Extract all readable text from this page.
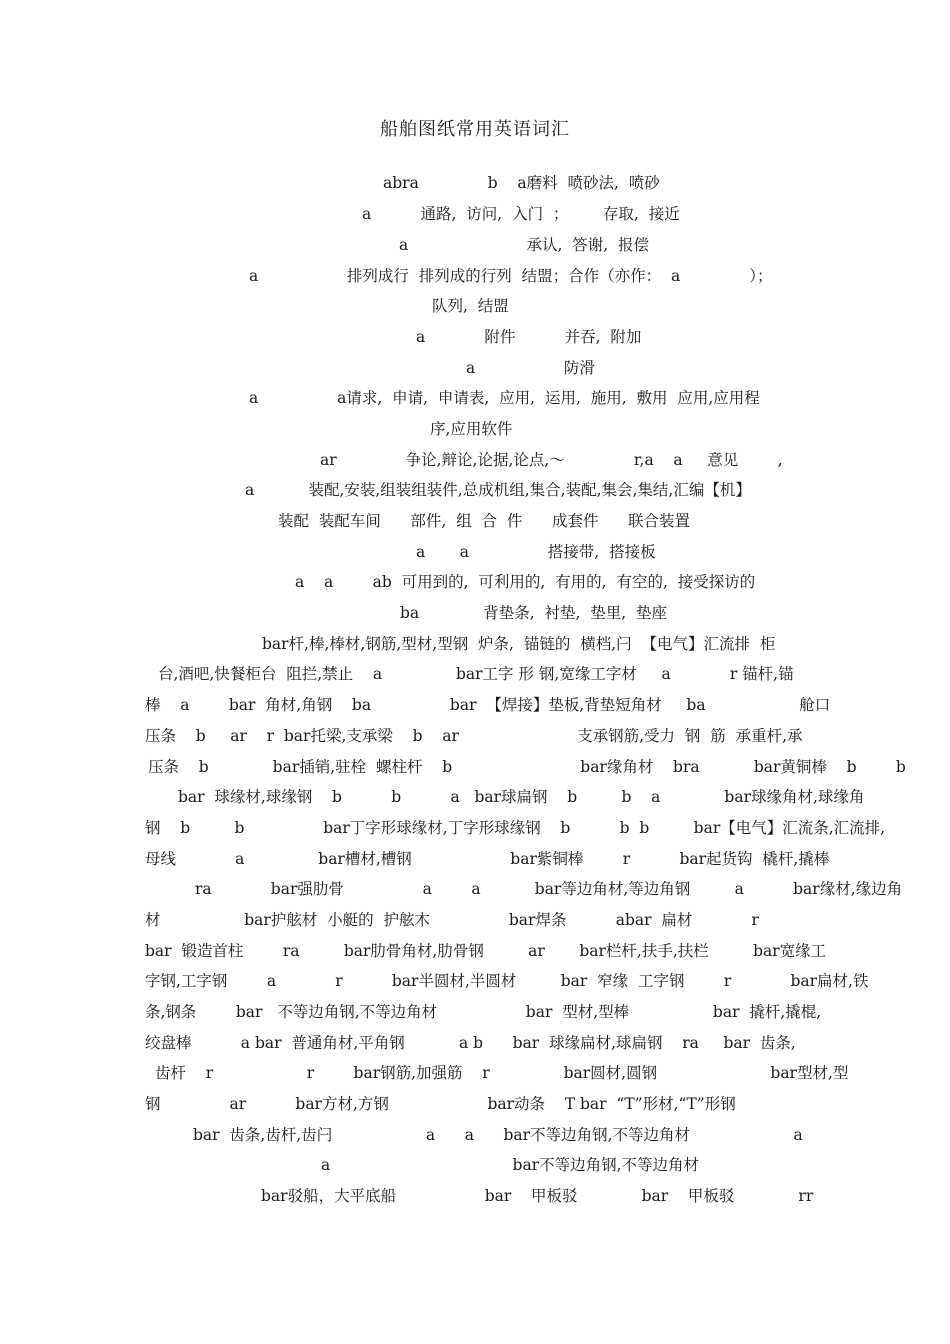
船舶图纸常用英语词汇
abra              b    a磨料  喷砂法,  喷砂
a          通路,  访问,  入门  ；       存取,  接近
a                        承认,  答谢,  报偿
a                  排列成行  排列成的行列  结盟；合作（亦作：  a              ）；
队列,  结盟
a            附件          并吞,  附加
a                  防滑
a                a请求,  申请,  申请表,  应用,  运用,  施用,  敷用  应用,应用程
序,应用软件
ar              争论,辩论,论据,论点,～              r,a    a     意见        ,
a           装配,安装,组装组装件,总成机组,集合,装配,集会,集结,汇编【机】
装配  装配车间      部件,  组  合  件      成套件      联合装置
a       a                搭接带,  搭接板
a    a        ab  可用到的,  可利用的,  有用的,  有空的,  接受探访的
ba             背垫条,  衬垫,  垫里,  垫座
bar杆,棒,棒材,钢筋,型材,型钢  炉条,  锚链的  横档,闩  【电气】汇流排  柜
台,酒吧,快餐柜台  阻拦,禁止    a               bar工字 形 钢,宽缘工字材     a            r 锚杆,锚
棒    a        bar  角材,角钢    ba                bar  【焊接】垫板,背垫短角材     ba                   舱口
压条    b     ar    r  bar托梁,支承梁    b    ar                        支承钢筋,受力  钢  筋  承重杆,承
压条    b             bar插销,驻栓  螺柱杆    b                          bar缘角材    bra           bar黄铜棒    b        b
bar  球缘材,球缘钢    b          b          a   bar球扁钢    b         b    a             bar球缘角材,球缘角
钢    b         b                bar丁字形球缘材,丁字形球缘钢    b          b  b         bar【电气】汇流条,汇流排,
母线            a               bar槽材,槽钢                    bar紫铜棒        r          bar起货钩  橇杆,撬棒
ra            bar强肋骨                a        a           bar等边角材,等边角钢         a          bar缘材,缘边角
材                 bar护舷材  小艇的  护舷木                bar焊条          abar  扁材            r
bar  锻造首柱        ra         bar肋骨角材,肋骨钢         ar       bar栏杆,扶手,扶栏         bar宽缘工
字钢,工字钢        a            r          bar半圆材,半圆材         bar  窄缘  工字钢        r            bar扁材,铁
条,钢条        bar   不等边角钢,不等边角材                  bar  型材,型棒                 bar  撬杆,撬棍,
绞盘棒          a bar  普通角材,平角钢           a b      bar  球缘扁材,球扁钢    ra     bar  齿条,
齿杆    r                   r        bar钢筋,加强筋    r               bar圆材,圆钢                       bar型材,型
钢              ar          bar方材,方钢                    bar动条    T bar  “T”形材,“T”形钢
bar  齿条,齿杆,齿闩                   a      a      bar不等边角钢,不等边角材                     a
a                                     bar不等边角钢,不等边角材
bar驳船，大平底船                  bar    甲板驳             bar    甲板驳             rr
